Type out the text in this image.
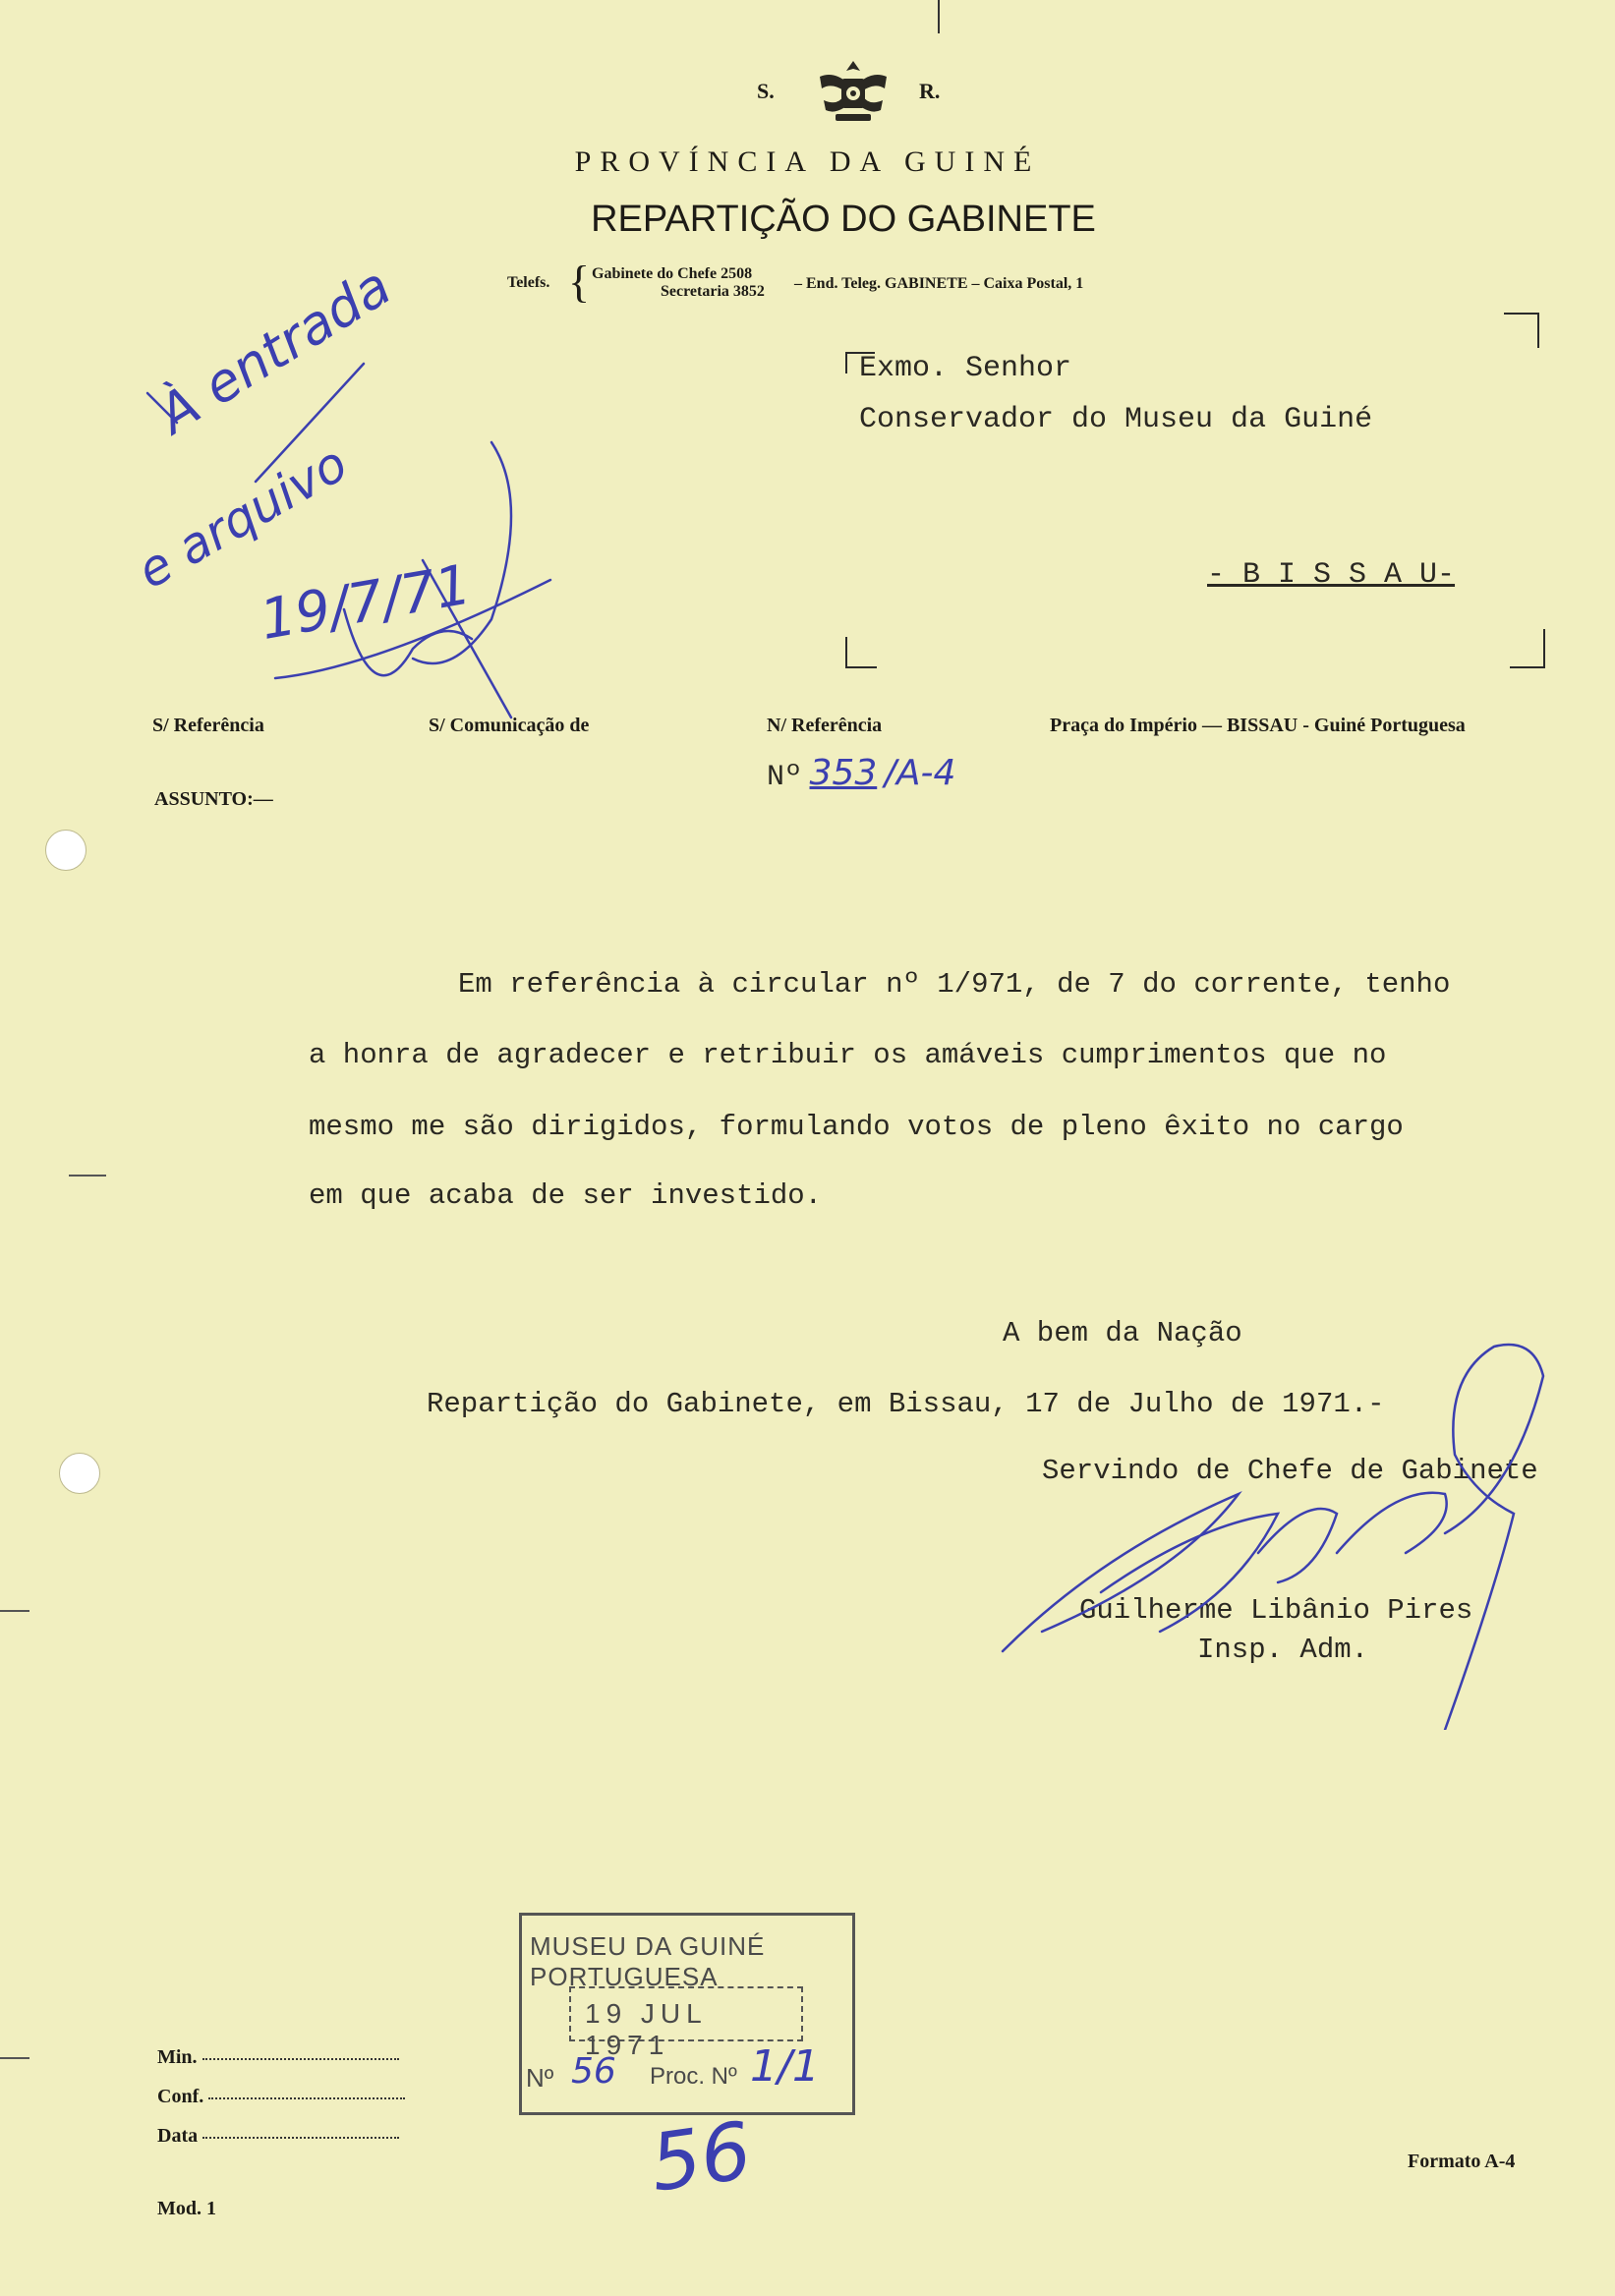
S.	R.
PROVÍNCIA DA GUINÉ
REPARTIÇÃO DO GABINETE
Telefs. { Gabinete do Chefe 2508
Secretaria 3852 – End. Teleg. GABINETE – Caixa Postal, 1
Exmo. Senhor
Conservador do Museu da Guiné
- B I S S A U-
À entrada
e arquivo
19/7/71
S/ Referência	S/ Comunicação de	N/ Referência	Praça do Império — BISSAU - Guiné Portuguesa
Nº 353 /A-4
ASSUNTO:—
Em referência à circular nº 1/971, de 7 do corrente, tenho
a honra de agradecer e retribuir os amáveis cumprimentos que no
mesmo me são dirigidos, formulando votos de pleno êxito no cargo
em que acaba de ser investido.
A bem da Nação
Repartição do Gabinete, em Bissau, 17 de Julho de 1971.-
Servindo de Chefe de Gabinete
Guilherme Libânio Pires
Insp. Adm.
MUSEU DA GUINÉ PORTUGUESA
19 JUL 1971
Nº 56 Proc. Nº 1/1
56
Min.
Conf.
Data
Mod. 1
Formato A-4
